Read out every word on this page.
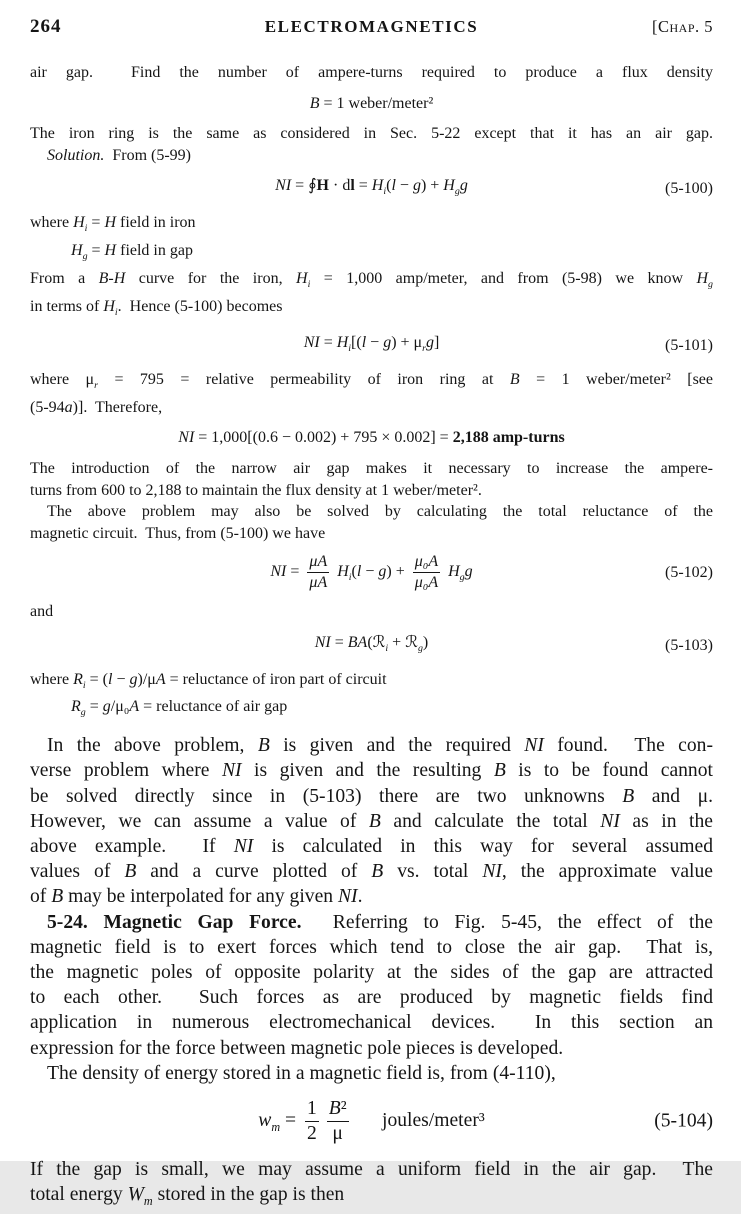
264	ELECTROMAGNETICS	[Chap. 5
air gap.  Find the number of ampere-turns required to produce a flux density
B = 1 weber/meter²
The iron ring is the same as considered in Sec. 5-22 except that it has an air gap.
Solution.  From (5-99)
NI = ∮H · dl = $H_i(l - g) + H_gg$	(5-100)
where $H_i = H$ field in iron
$H_g = H$ field in gap
From a B-H curve for the iron, $H_i = 1,000$ amp/meter, and from (5-98) we know $H_g$
in terms of $H_i$.  Hence (5-100) becomes
NI = $H_i[(l - g) + \mu_rg]$	(5-101)
where $\mu_r = 795$ = relative permeability of iron ring at B = 1 weber/meter² [see
(5-94a)].  Therefore,
NI = 1,000[(0.6 − 0.002) + 795 × 0.002] = 2,188 amp-turns
The introduction of the narrow air gap makes it necessary to increase the ampere-
turns from 600 to 2,188 to maintain the flux density at 1 weber/meter².
The above problem may also be solved by calculating the total reluctance of the
magnetic circuit.  Thus, from (5-100) we have
NI = $\frac{\mu A}{\mu A} H_i(l - g) + \frac{\text{μ₀A}}{\text{μ₀A}} H_gg$	(5-102)
and
NI = BA(ℛ$_i$ + ℛ$_g$)	(5-103)
where $R_i = (l - g)/\mu A$ = reluctance of iron part of circuit
$R_g = g/\mu_0A$ = reluctance of air gap
In the above problem, B is given and the required NI found.  The con-
verse problem where NI is given and the resulting B is to be found cannot
be solved directly since in (5-103) there are two unknowns B and μ.
However, we can assume a value of B and calculate the total NI as in the
above example.  If NI is calculated in this way for several assumed
values of B and a curve plotted of B vs. total NI, the approximate value
of B may be interpolated for any given NI.
5-24. Magnetic Gap Force.  Referring to Fig. 5-45, the effect of the
magnetic field is to exert forces which tend to close the air gap.  That is,
the magnetic poles of opposite polarity at the sides of the gap are attracted
to each other.  Such forces as are produced by magnetic fields find
application in numerous electromechanical devices.  In this section an
expression for the force between magnetic pole pieces is developed.
The density of energy stored in a magnetic field is, from (4-110),
$w_m = \frac{1}{2} \frac{\text{B²}}{\mu}$   joules/meter³	(5-104)
If the gap is small, we may assume a uniform field in the air gap.  The
total energy $W_m$ stored in the gap is then
